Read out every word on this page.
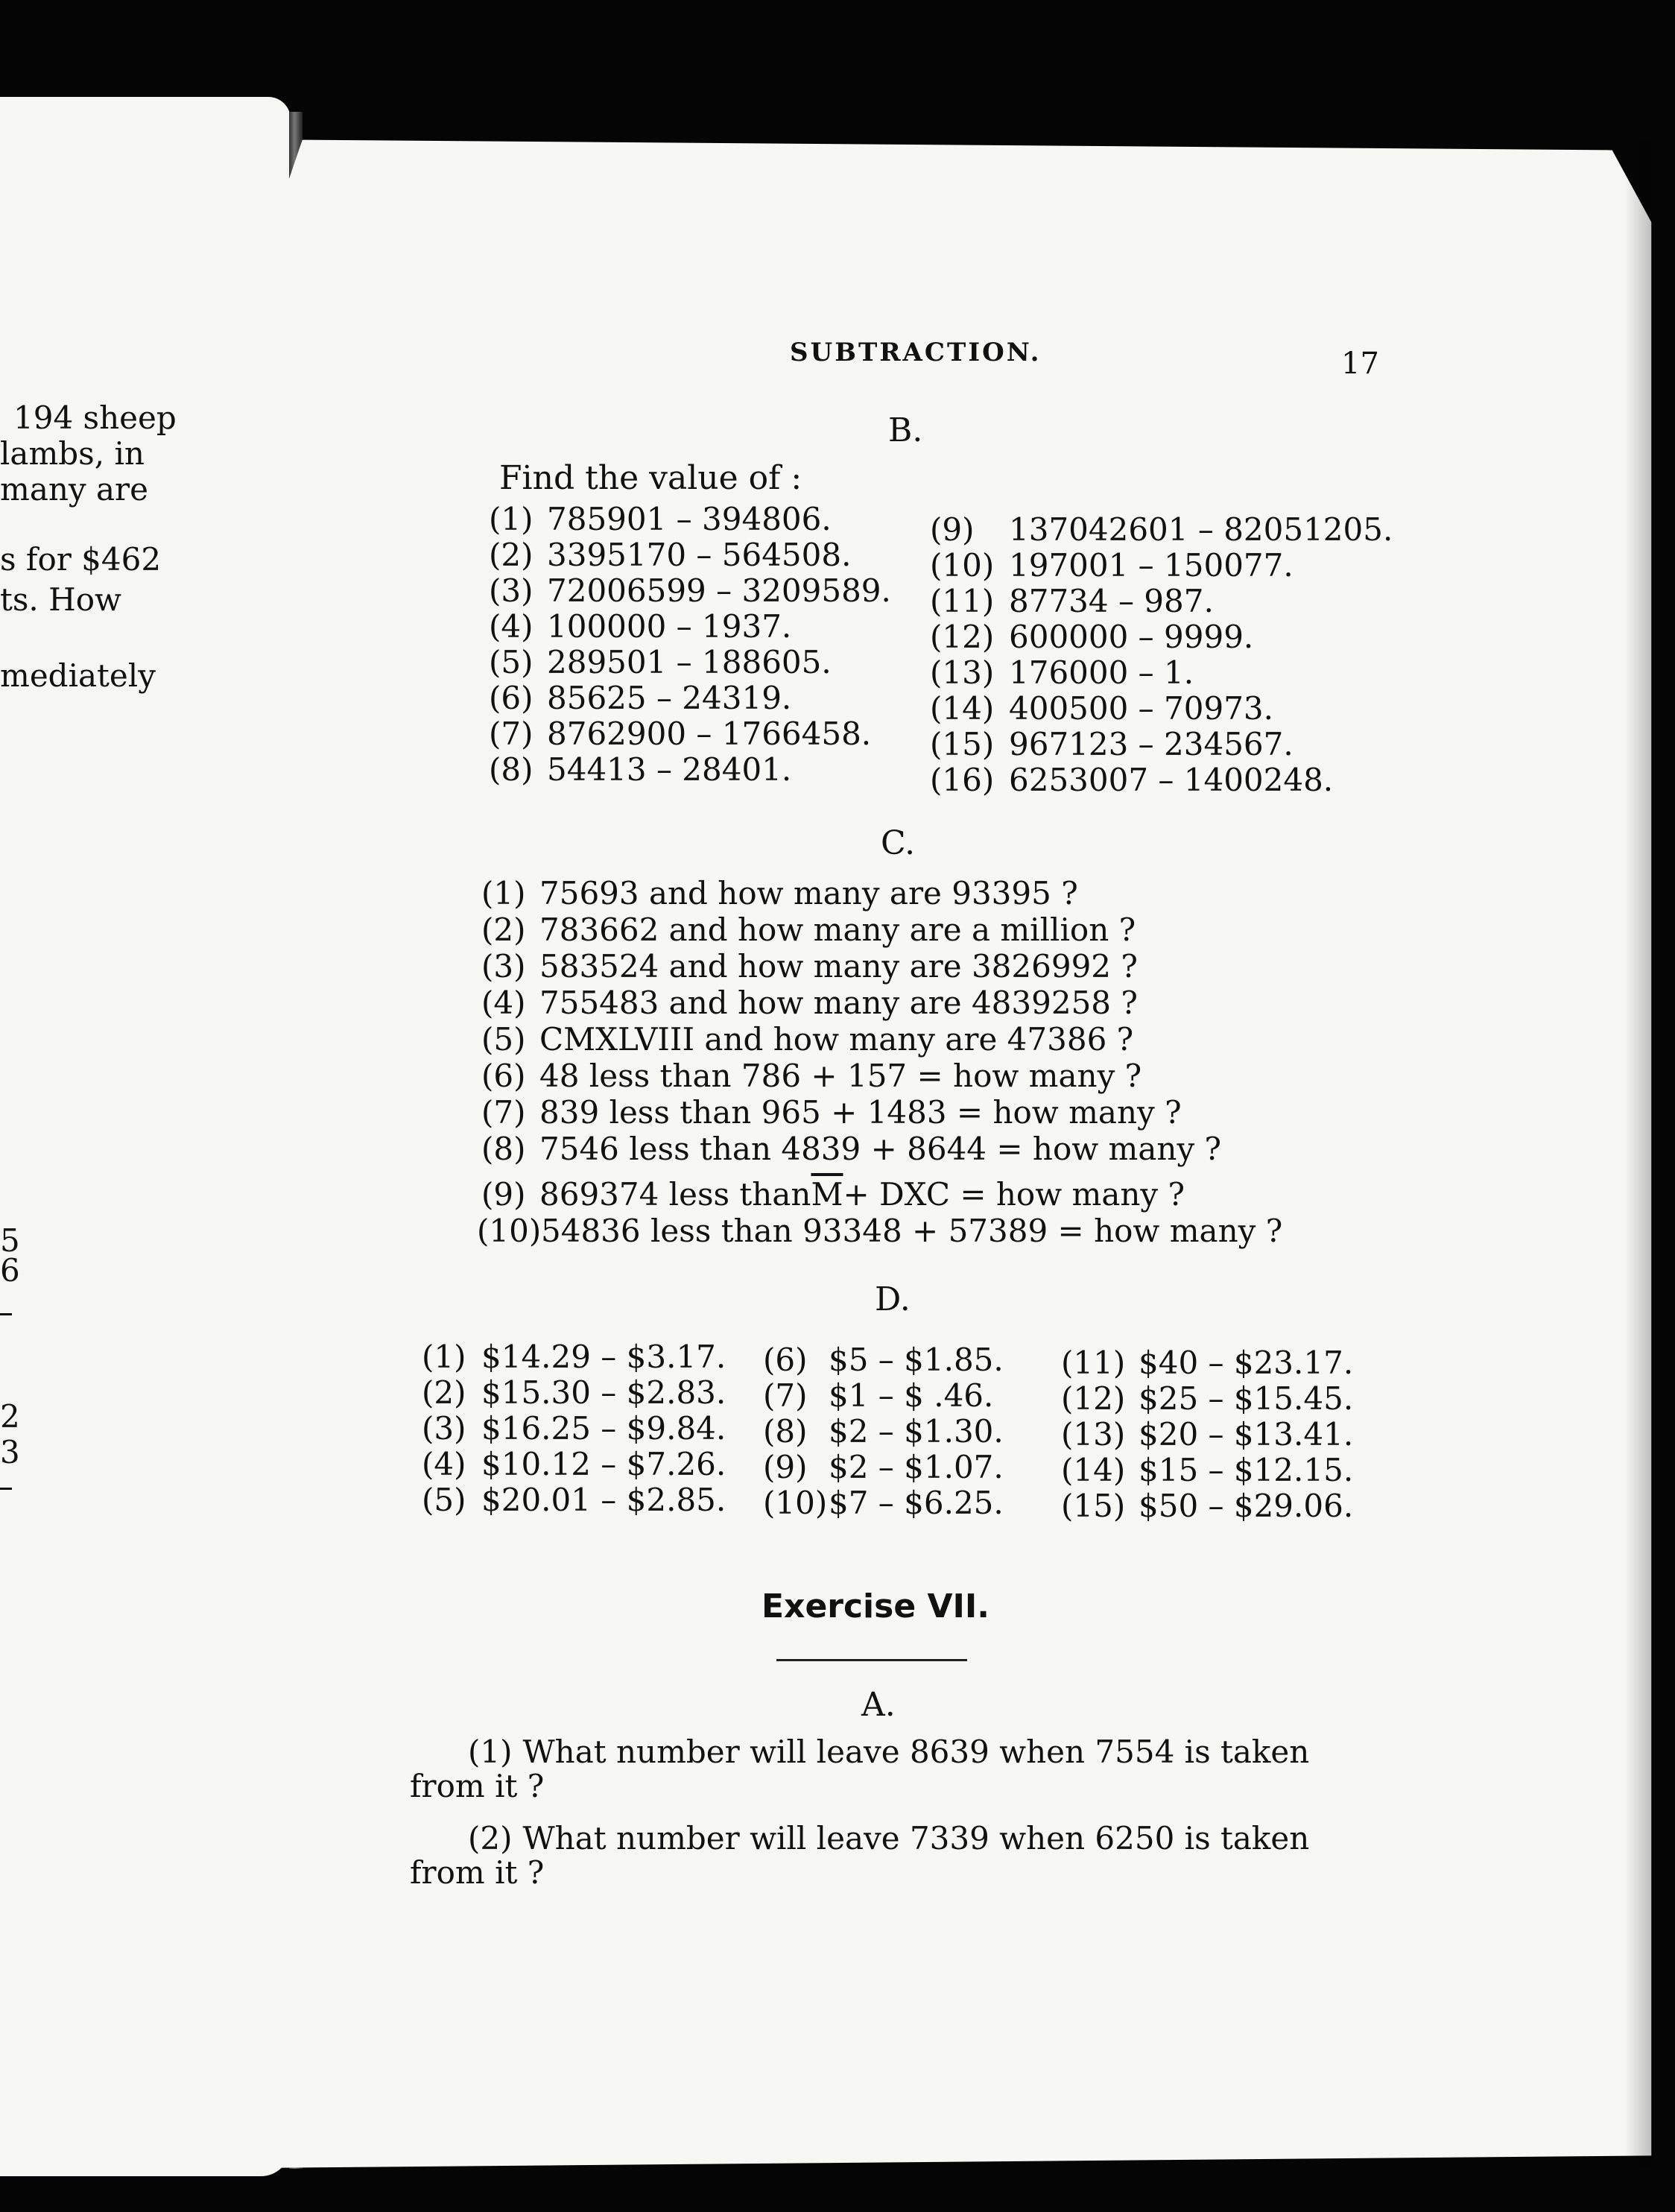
194 sheep
lambs, in
many are
s for $462
ts. How
mediately
5
6
2
3
SUBTRACTION.	17
B.
Find the value of :
(1) 785901 – 394806.
(2) 3395170 – 564508.
(3) 72006599 – 3209589.
(4) 100000 – 1937.
(5) 289501 – 188605.
(6) 85625 – 24319.
(7) 8762900 – 1766458.
(8) 54413 – 28401.
(9)	137042601 – 82051205.
(10) 197001 – 150077.
(11) 87734 – 987.
(12) 600000 – 9999.
(13) 176000 – 1.
(14) 400500 – 70973.
(15) 967123 – 234567.
(16) 6253007 – 1400248.
C.
(1) 75693 and how many are 93395 ?
(2) 783662 and how many are a million ?
(3) 583524 and how many are 3826992 ?
(4) 755483 and how many are 4839258 ?
(5) CMXLVIII and how many are 47386 ?
(6) 48 less than 786 + 157 = how many ?
(7) 839 less than 965 + 1483 = how many ?
(8) 7546 less than 4839 + 8644 = how many ?
(9) 869374 less than $\overline{M}$ + DXC = how many ?
(10) 54836 less than 93348 + 57389 = how many ?
D.
(1) $14.29 – $3.17.
(2) $15.30 – $2.83.
(3) $16.25 – $9.84.
(4) $10.12 – $7.26.
(5) $20.01 – $2.85.
(6) $5 – $1.85.
(7) $1 – $ .46.
(8) $2 – $1.30.
(9) $2 – $1.07.
(10) $7 – $6.25.
(11) $40 – $23.17.
(12) $25 – $15.45.
(13) $20 – $13.41.
(14) $15 – $12.15.
(15) $50 – $29.06.
Exercise VII.
A.
(1) What number will leave 8639 when 7554 is taken
from it ?
(2) What number will leave 7339 when 6250 is taken
from it ?
